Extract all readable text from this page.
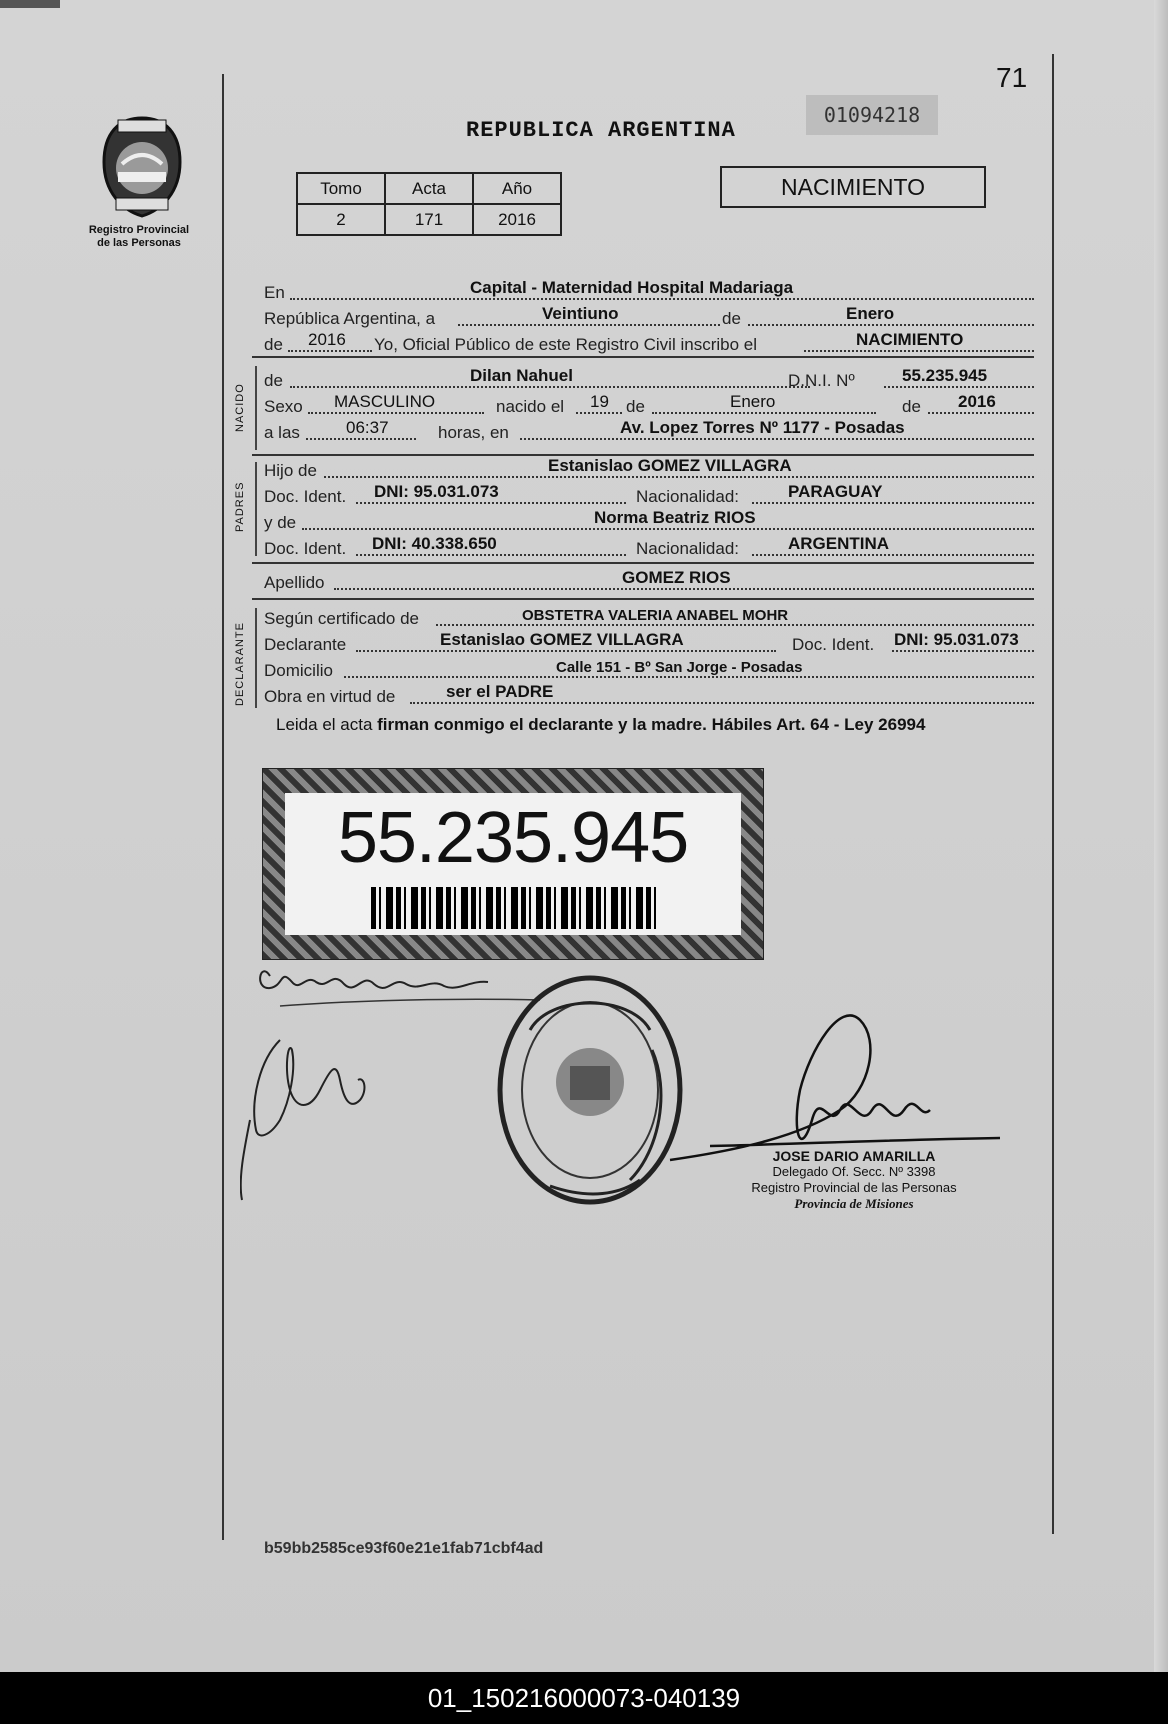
71
Registro Provincial
de las Personas
REPUBLICA ARGENTINA
01094218
Tomo	Acta	Año
2	171	2016
NACIMIENTO
En	Capital - Maternidad Hospital Madariaga
República Argentina, a	Veintiuno	de	Enero
de 2016 Yo, Oficial Público de este Registro Civil inscribo el	NACIMIENTO
NACIDO
de	Dilan Nahuel	D.N.I. Nº	55.235.945
Sexo MASCULINO	nacido el 19 de	Enero	de 2016
a las	06:37	horas, en	Av. Lopez Torres Nº 1177 - Posadas
PADRES
Hijo de	Estanislao GOMEZ VILLAGRA
Doc. Ident. DNI: 95.031.073	Nacionalidad:	PARAGUAY
y de	Norma Beatriz RIOS
Doc. Ident. DNI: 40.338.650	Nacionalidad:	ARGENTINA
Apellido	GOMEZ RIOS
DECLARANTE
Según certificado de	OBSTETRA VALERIA ANABEL MOHR
Declarante	Estanislao GOMEZ VILLAGRA	Doc. Ident. DNI: 95.031.073
Domicilio	Calle 151 - Bº San Jorge - Posadas
Obra en virtud de	ser el PADRE
Leida el acta firman conmigo el declarante y la madre. Hábiles Art. 64 - Ley 26994
55.235.945
JOSE DARIO AMARILLA
Delegado Of. Secc. Nº 3398
Registro Provincial de las Personas
Provincia de Misiones
b59bb2585ce93f60e21e1fab71cbf4ad
01_150216000073-040139
